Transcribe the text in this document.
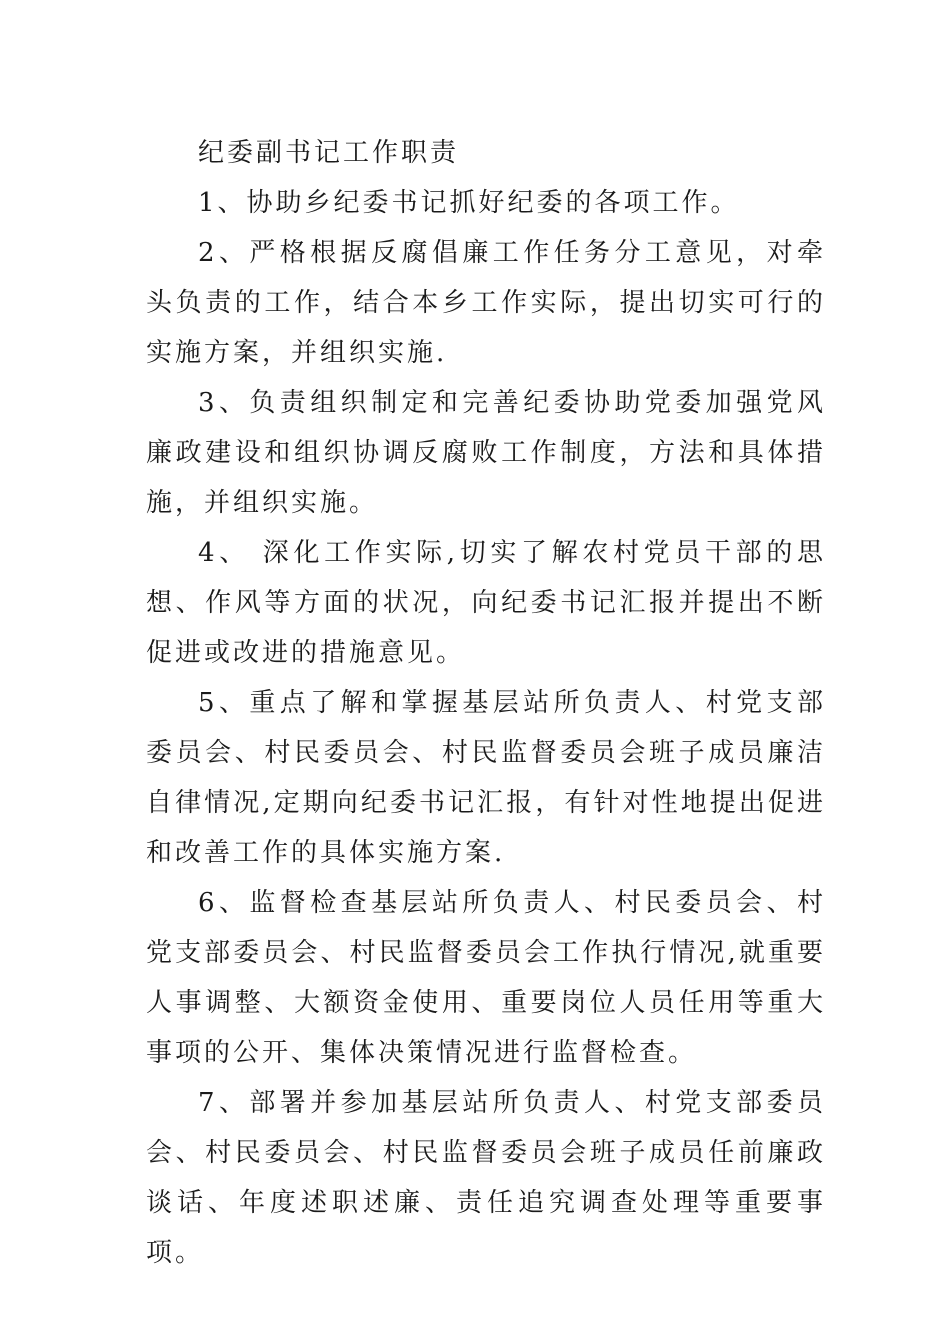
纪委副书记工作职责

1、协助乡纪委书记抓好纪委的各项工作。

2、严格根据反腐倡廉工作任务分工意见，对牵头负责的工作，结合本乡工作实际，提出切实可行的实施方案，并组织实施.

3、负责组织制定和完善纪委协助党委加强党风廉政建设和组织协调反腐败工作制度，方法和具体措施，并组织实施。

4、 深化工作实际,切实了解农村党员干部的思想、作风等方面的状况，向纪委书记汇报并提出不断促进或改进的措施意见。

5、重点了解和掌握基层站所负责人、村党支部委员会、村民委员会、村民监督委员会班子成员廉洁自律情况,定期向纪委书记汇报，有针对性地提出促进和改善工作的具体实施方案.

6、监督检查基层站所负责人、村民委员会、村党支部委员会、村民监督委员会工作执行情况,就重要人事调整、大额资金使用、重要岗位人员任用等重大事项的公开、集体决策情况进行监督检查。

7、部署并参加基层站所负责人、村党支部委员会、村民委员会、村民监督委员会班子成员任前廉政谈话、年度述职述廉、责任追究调查处理等重要事项。
